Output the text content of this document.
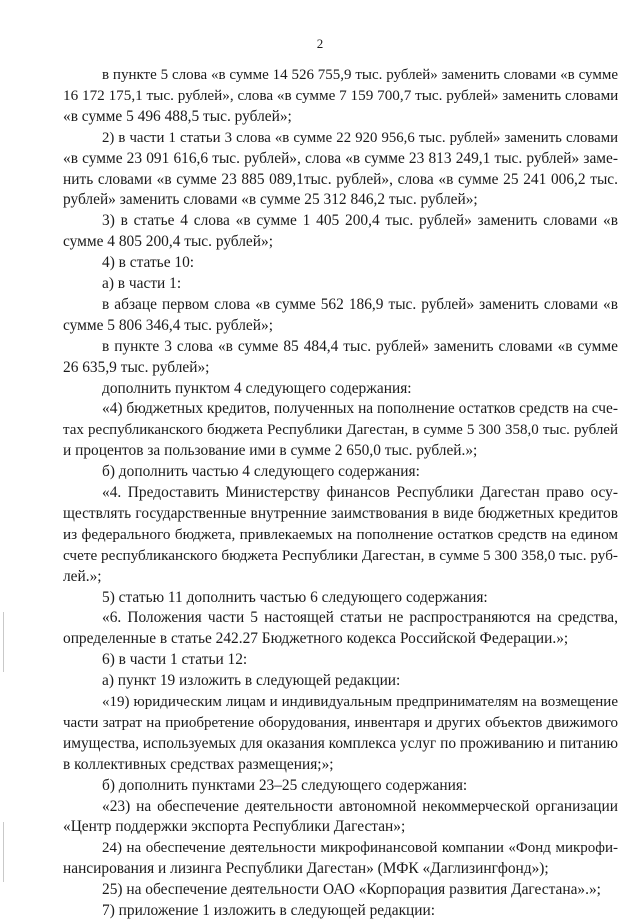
2
в пункте 5 слова «в сумме 14 526 755,9 тыс. рублей» заменить словами «в сумме
16 172 175,1 тыс. рублей», слова «в сумме 7 159 700,7 тыс. рублей» заменить словами
«в сумме 5 496 488,5 тыс. рублей»;
2) в части 1 статьи 3 слова «в сумме 22 920 956,6 тыс. рублей» заменить словами
«в сумме 23 091 616,6 тыс. рублей», слова «в сумме 23 813 249,1 тыс. рублей» заме-
нить словами «в сумме 23 885 089,1тыс. рублей», слова «в сумме 25 241 006,2 тыс.
рублей» заменить словами «в сумме 25 312 846,2 тыс. рублей»;
3) в статье 4 слова «в сумме 1 405 200,4 тыс. рублей» заменить словами «в
сумме 4 805 200,4 тыс. рублей»;
4) в статье 10:
а) в части 1:
в абзаце первом слова «в сумме 562 186,9 тыс. рублей» заменить словами «в
сумме 5 806 346,4 тыс. рублей»;
в пункте 3 слова «в сумме 85 484,4 тыс. рублей» заменить словами «в сумме
26 635,9 тыс. рублей»;
дополнить пунктом 4 следующего содержания:
«4) бюджетных кредитов, полученных на пополнение остатков средств на сче-
тах республиканского бюджета Республики Дагестан, в сумме 5 300 358,0 тыс. рублей
и процентов за пользование ими в сумме 2 650,0 тыс. рублей.»;
б) дополнить частью 4 следующего содержания:
«4. Предоставить Министерству финансов Республики Дагестан право осу-
ществлять государственные внутренние заимствования в виде бюджетных кредитов
из федерального бюджета, привлекаемых на пополнение остатков средств на едином
счете республиканского бюджета Республики Дагестан, в сумме 5 300 358,0 тыс. руб-
лей.»;
5) статью 11 дополнить частью 6 следующего содержания:
«6. Положения части 5 настоящей статьи не распространяются на средства,
определенные в статье 242.27 Бюджетного кодекса Российской Федерации.»;
6) в части 1 статьи 12:
а) пункт 19 изложить в следующей редакции:
«19) юридическим лицам и индивидуальным предпринимателям на возмещение
части затрат на приобретение оборудования, инвентаря и других объектов движимого
имущества, используемых для оказания комплекса услуг по проживанию и питанию
в коллективных средствах размещения;»;
б) дополнить пунктами 23–25 следующего содержания:
«23) на обеспечение деятельности автономной некоммерческой организации
«Центр поддержки экспорта Республики Дагестан»;
24) на обеспечение деятельности микрофинансовой компании «Фонд микрофи-
нансирования и лизинга Республики Дагестан» (МФК «Даглизингфонд»);
25) на обеспечение деятельности ОАО «Корпорация развития Дагестана».»;
7) приложение 1 изложить в следующей редакции:
